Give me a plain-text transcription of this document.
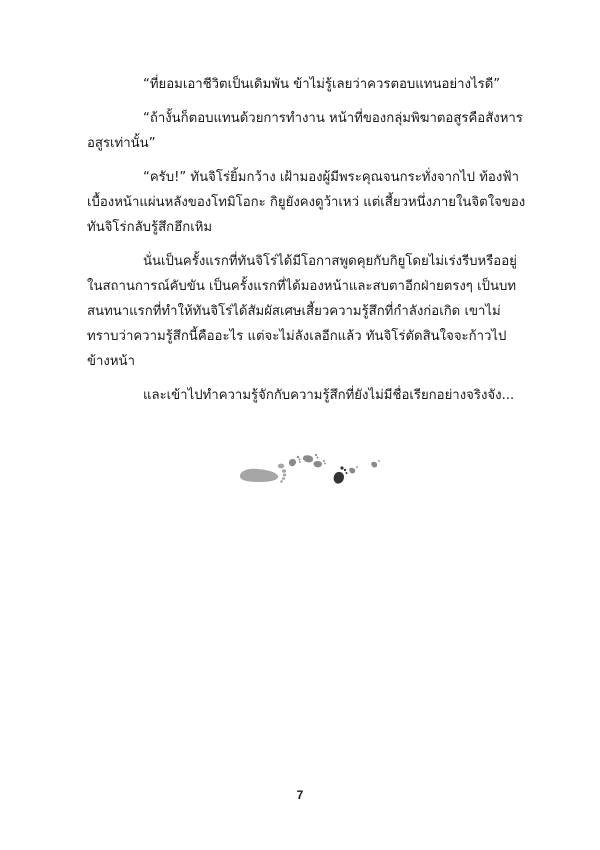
“ที่ยอมเอาชีวิตเป็นเดิมพัน ข้าไม่รู้เลยว่าควรตอบแทนอย่างไรดี”

“ถ้างั้นก็ตอบแทนด้วยการทำงาน หน้าที่ของกลุ่มพิฆาตอสูรคือสังหารอสูรเท่านั้น”

“ครับ!” ทันจิโร่ยิ้มกว้าง เฝ้ามองผู้มีพระคุณจนกระทั่งจากไป ท้องฟ้าเบื้องหน้าแผ่นหลังของโทมิโอกะ กิยูยังคงดูว้าเหว่ แต่เสี้ยวหนึ่งภายในจิตใจของทันจิโร่กลับรู้สึกฮึกเหิม

นั่นเป็นครั้งแรกที่ทันจิโร่ได้มีโอกาสพูดคุยกับกิยูโดยไม่เร่งรีบหรืออยู่ในสถานการณ์คับขัน เป็นครั้งแรกที่ได้มองหน้าและสบตาอีกฝ่ายตรงๆ เป็นบทสนทนาแรกที่ทำให้ทันจิโร่ได้สัมผัสเศษเสี้ยวความรู้สึกที่กำลังก่อเกิด เขาไม่ทราบว่าความรู้สึกนี้คืออะไร แต่จะไม่ลังเลอีกแล้ว ทันจิโร่ตัดสินใจจะก้าวไปข้างหน้า

และเข้าไปทำความรู้จักกับความรู้สึกที่ยังไม่มีชื่อเรียกอย่างจริงจัง...

7
